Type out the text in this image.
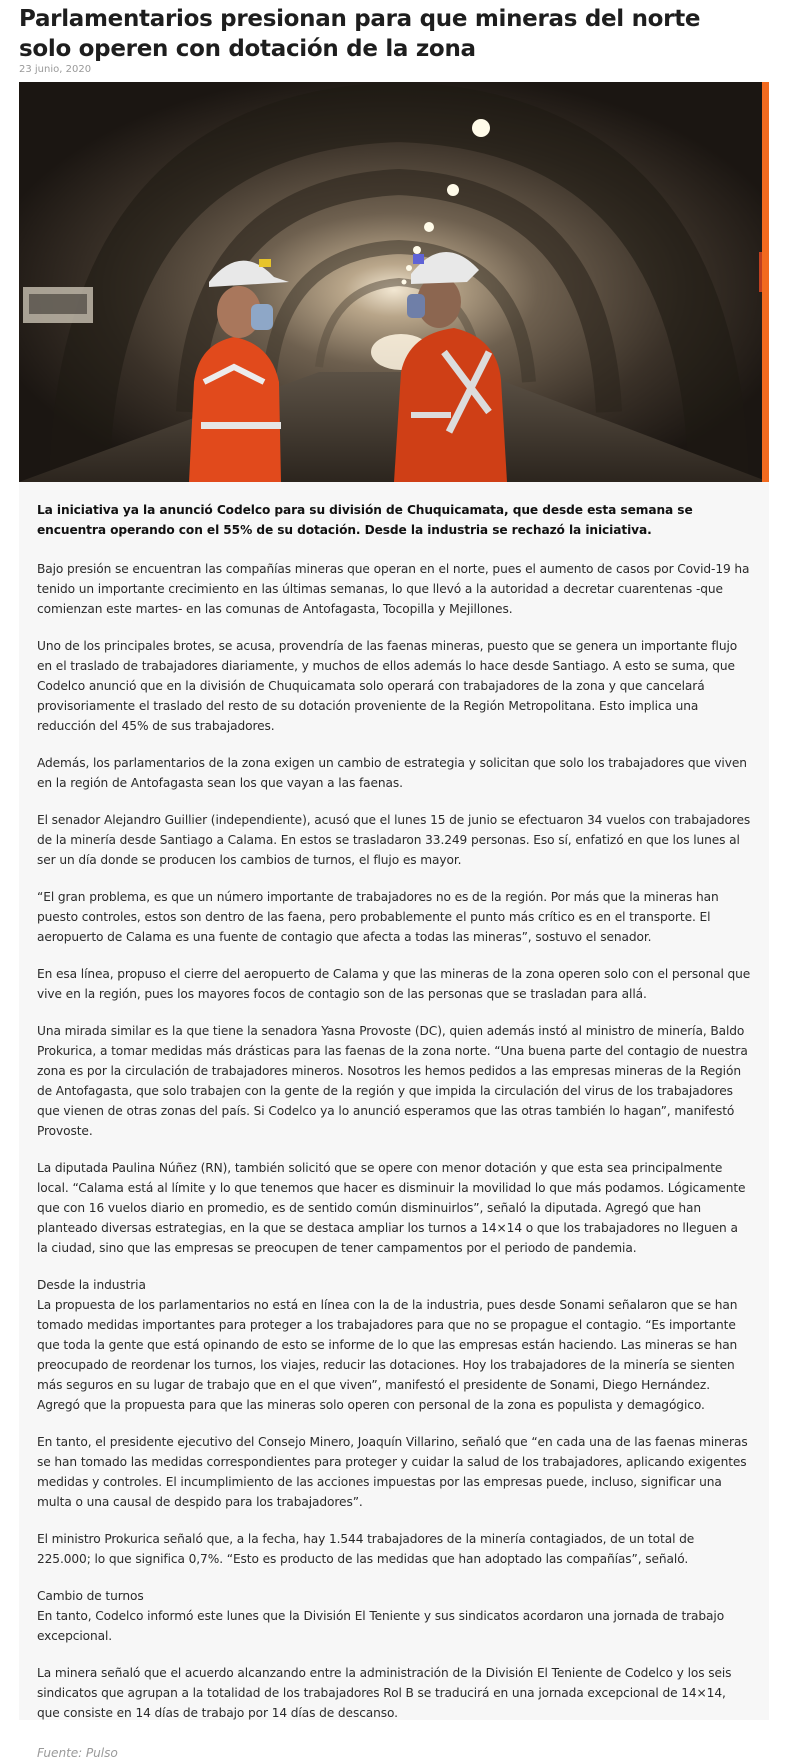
Parlamentarios presionan para que mineras del norte solo operen con dotación de la zona
23 junio, 2020

La iniciativa ya la anunció Codelco para su división de Chuquicamata, que desde esta semana se encuentra operando con el 55% de su dotación. Desde la industria se rechazó la iniciativa.

Bajo presión se encuentran las compañías mineras que operan en el norte, pues el aumento de casos por Covid-19 ha tenido un importante crecimiento en las últimas semanas, lo que llevó a la autoridad a decretar cuarentenas -que comienzan este martes- en las comunas de Antofagasta, Tocopilla y Mejillones.

Uno de los principales brotes, se acusa, provendría de las faenas mineras, puesto que se genera un importante flujo en el traslado de trabajadores diariamente, y muchos de ellos además lo hace desde Santiago. A esto se suma, que Codelco anunció que en la división de Chuquicamata solo operará con trabajadores de la zona y que cancelará provisoriamente el traslado del resto de su dotación proveniente de la Región Metropolitana. Esto implica una reducción del 45% de sus trabajadores.

Además, los parlamentarios de la zona exigen un cambio de estrategia y solicitan que solo los trabajadores que viven en la región de Antofagasta sean los que vayan a las faenas.

El senador Alejandro Guillier (independiente), acusó que el lunes 15 de junio se efectuaron 34 vuelos con trabajadores de la minería desde Santiago a Calama. En estos se trasladaron 33.249 personas. Eso sí, enfatizó en que los lunes al ser un día donde se producen los cambios de turnos, el flujo es mayor.

“El gran problema, es que un número importante de trabajadores no es de la región. Por más que la mineras han puesto controles, estos son dentro de las faena, pero probablemente el punto más crítico es en el transporte. El aeropuerto de Calama es una fuente de contagio que afecta a todas las mineras”, sostuvo el senador.

En esa línea, propuso el cierre del aeropuerto de Calama y que las mineras de la zona operen solo con el personal que vive en la región, pues los mayores focos de contagio son de las personas que se trasladan para allá.

Una mirada similar es la que tiene la senadora Yasna Provoste (DC), quien además instó al ministro de minería, Baldo Prokurica, a tomar medidas más drásticas para las faenas de la zona norte. “Una buena parte del contagio de nuestra zona es por la circulación de trabajadores mineros. Nosotros les hemos pedidos a las empresas mineras de la Región de Antofagasta, que solo trabajen con la gente de la región y que impida la circulación del virus de los trabajadores que vienen de otras zonas del país. Si Codelco ya lo anunció esperamos que las otras también lo hagan”, manifestó Provoste.

La diputada Paulina Núñez (RN), también solicitó que se opere con menor dotación y que esta sea principalmente local. “Calama está al límite y lo que tenemos que hacer es disminuir la movilidad lo que más podamos. Lógicamente que con 16 vuelos diario en promedio, es de sentido común disminuirlos”, señaló la diputada. Agregó que han planteado diversas estrategias, en la que se destaca ampliar los turnos a 14×14 o que los trabajadores no lleguen a la ciudad, sino que las empresas se preocupen de tener campamentos por el periodo de pandemia.

Desde la industria
La propuesta de los parlamentarios no está en línea con la de la industria, pues desde Sonami señalaron que se han tomado medidas importantes para proteger a los trabajadores para que no se propague el contagio. “Es importante que toda la gente que está opinando de esto se informe de lo que las empresas están haciendo. Las mineras se han preocupado de reordenar los turnos, los viajes, reducir las dotaciones. Hoy los trabajadores de la minería se sienten más seguros en su lugar de trabajo que en el que viven”, manifestó el presidente de Sonami, Diego Hernández. Agregó que la propuesta para que las mineras solo operen con personal de la zona es populista y demagógico.

En tanto, el presidente ejecutivo del Consejo Minero, Joaquín Villarino, señaló que “en cada una de las faenas mineras se han tomado las medidas correspondientes para proteger y cuidar la salud de los trabajadores, aplicando exigentes medidas y controles. El incumplimiento de las acciones impuestas por las empresas puede, incluso, significar una multa o una causal de despido para los trabajadores”.

El ministro Prokurica señaló que, a la fecha, hay 1.544 trabajadores de la minería contagiados, de un total de 225.000; lo que significa 0,7%. “Esto es producto de las medidas que han adoptado las compañías”, señaló.

Cambio de turnos
En tanto, Codelco informó este lunes que la División El Teniente y sus sindicatos acordaron una jornada de trabajo excepcional.

La minera señaló que el acuerdo alcanzando entre la administración de la División El Teniente de Codelco y los seis sindicatos que agrupan a la totalidad de los trabajadores Rol B se traducirá en una jornada excepcional de 14×14, que consiste en 14 días de trabajo por 14 días de descanso.

Fuente: Pulso
